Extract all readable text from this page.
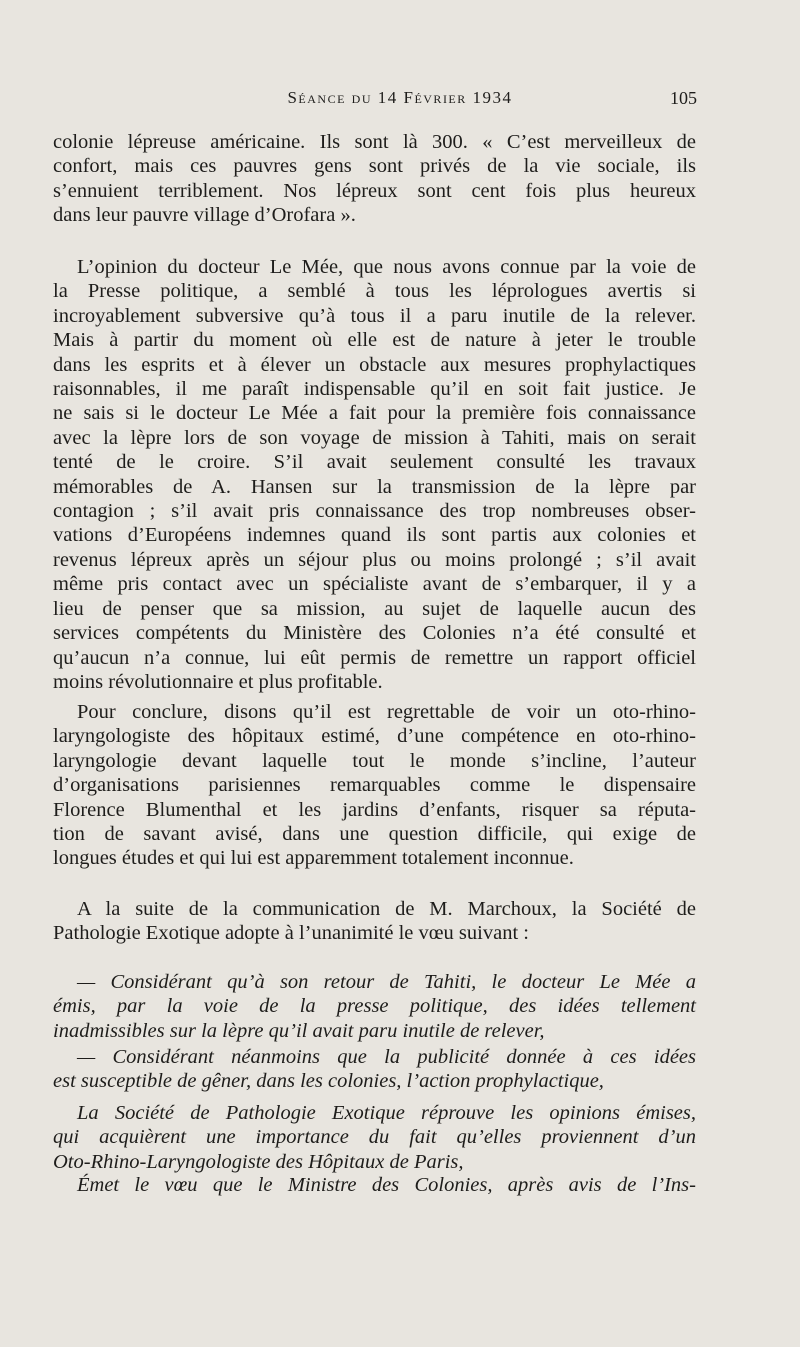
Séance du 14 Février 1934	105

colonie lépreuse américaine. Ils sont là 300. « C’est merveilleux de
confort, mais ces pauvres gens sont privés de la vie sociale, ils
s’ennuient terriblement. Nos lépreux sont cent fois plus heureux
dans leur pauvre village d’Orofara ».

L’opinion du docteur Le Mée, que nous avons connue par la voie de
la Presse politique, a semblé à tous les léprologues avertis si
incroyablement subversive qu’à tous il a paru inutile de la relever.
Mais à partir du moment où elle est de nature à jeter le trouble
dans les esprits et à élever un obstacle aux mesures prophylactiques
raisonnables, il me paraît indispensable qu’il en soit fait justice. Je
ne sais si le docteur Le Mée a fait pour la première fois connaissance
avec la lèpre lors de son voyage de mission à Tahiti, mais on serait
tenté de le croire. S’il avait seulement consulté les travaux
mémorables de A. Hansen sur la transmission de la lèpre par
contagion ; s’il avait pris connaissance des trop nombreuses obser-
vations d’Européens indemnes quand ils sont partis aux colonies et
revenus lépreux après un séjour plus ou moins prolongé ; s’il avait
même pris contact avec un spécialiste avant de s’embarquer, il y a
lieu de penser que sa mission, au sujet de laquelle aucun des
services compétents du Ministère des Colonies n’a été consulté et
qu’aucun n’a connue, lui eût permis de remettre un rapport officiel
moins révolutionnaire et plus profitable.

Pour conclure, disons qu’il est regrettable de voir un oto-rhino-
laryngologiste des hôpitaux estimé, d’une compétence en oto-rhino-
laryngologie devant laquelle tout le monde s’incline, l’auteur
d’organisations parisiennes remarquables comme le dispensaire
Florence Blumenthal et les jardins d’enfants, risquer sa réputa-
tion de savant avisé, dans une question difficile, qui exige de
longues études et qui lui est apparemment totalement inconnue.

A la suite de la communication de M. Marchoux, la Société de
Pathologie Exotique adopte à l’unanimité le vœu suivant :

— Considérant qu’à son retour de Tahiti, le docteur Le Mée a
émis, par la voie de la presse politique, des idées tellement
inadmissibles sur la lèpre qu’il avait paru inutile de relever,

— Considérant néanmoins que la publicité donnée à ces idées
est susceptible de gêner, dans les colonies, l’action prophylactique,

La Société de Pathologie Exotique réprouve les opinions émises,
qui acquièrent une importance du fait qu’elles proviennent d’un
Oto-Rhino-Laryngologiste des Hôpitaux de Paris,

Émet le vœu que le Ministre des Colonies, après avis de l’Ins-
